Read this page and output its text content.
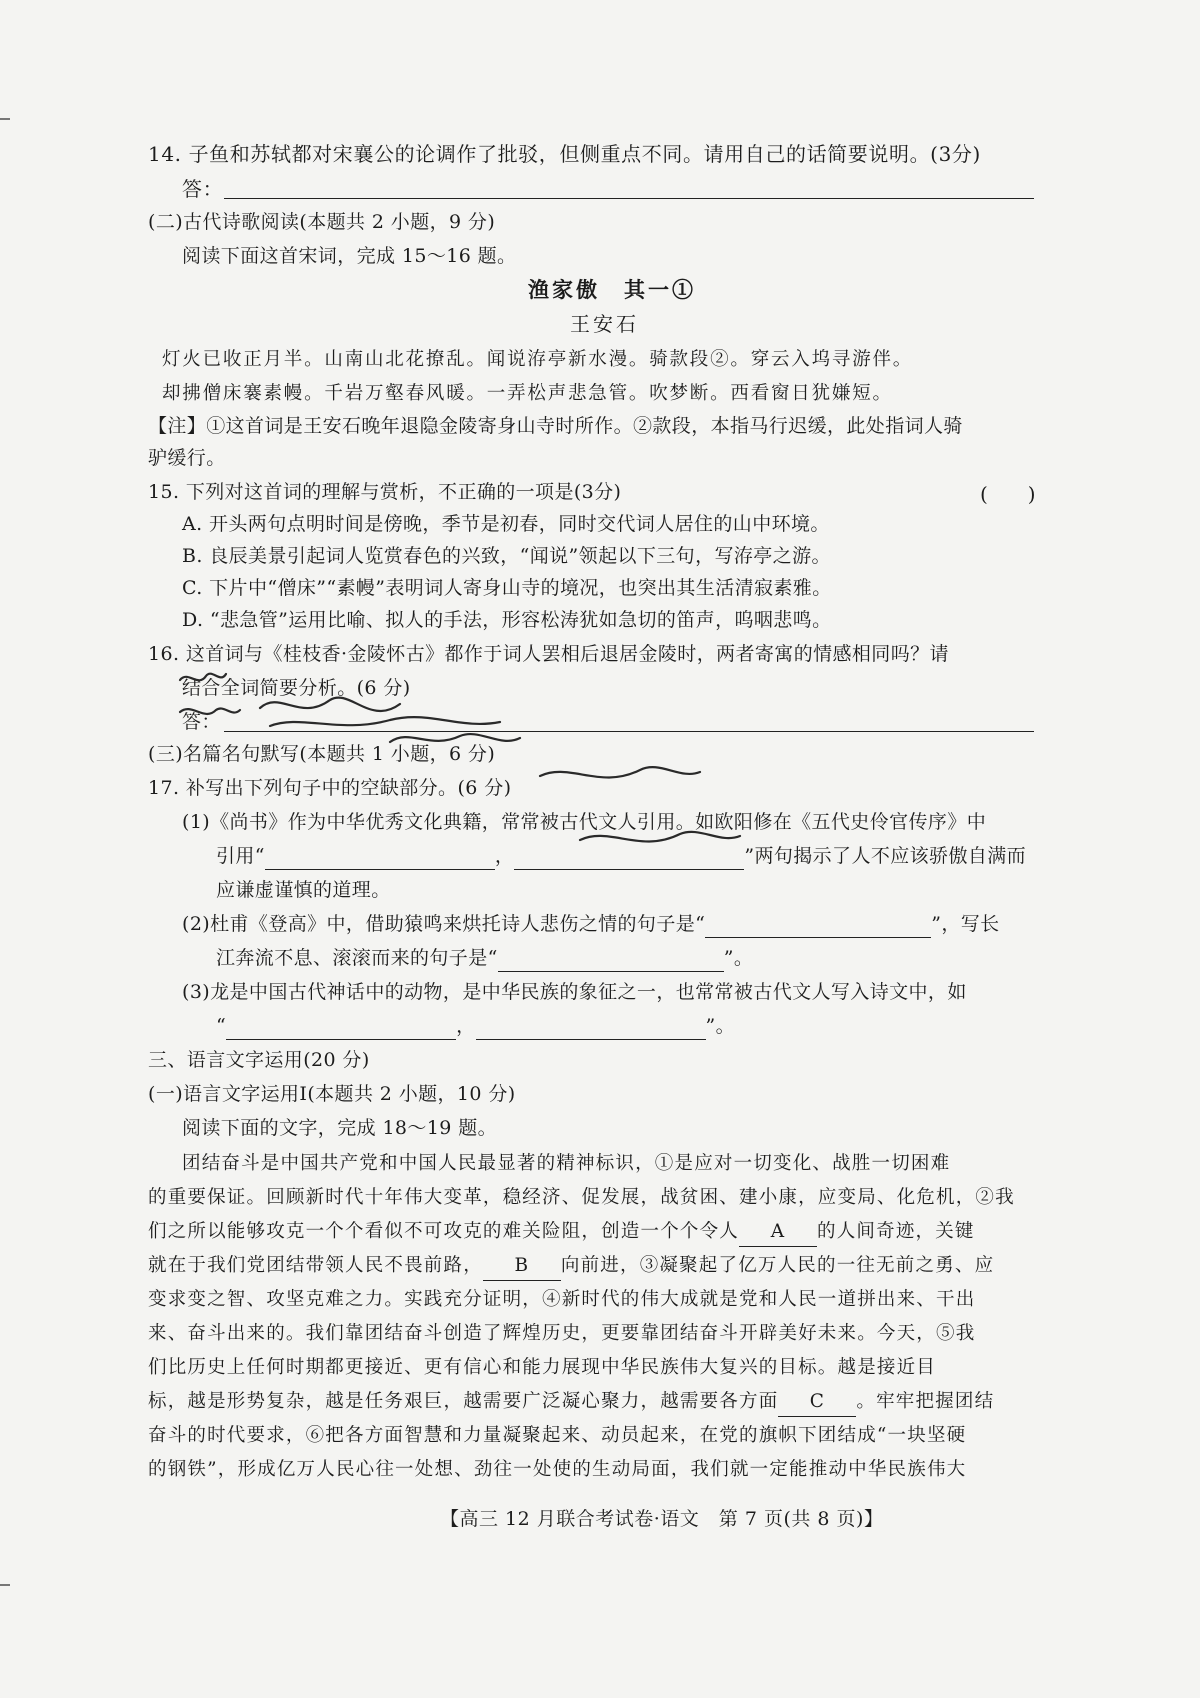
14. 子鱼和苏轼都对宋襄公的论调作了批驳，但侧重点不同。请用自己的话简要说明。(3分)
答：
(二)古代诗歌阅读(本题共 2 小题，9 分)
阅读下面这首宋词，完成 15～16 题。
渔家傲　其一①
王安石
灯火已收正月半。山南山北花撩乱。闻说洊亭新水漫。骑款段②。穿云入坞寻游伴。
却拂僧床褰素幔。千岩万壑春风暖。一弄松声悲急管。吹梦断。西看窗日犹嫌短。
【注】①这首词是王安石晚年退隐金陵寄身山寺时所作。②款段，本指马行迟缓，此处指词人骑
驴缓行。
15. 下列对这首词的理解与赏析，不正确的一项是(3分)	(　　)
A. 开头两句点明时间是傍晚，季节是初春，同时交代词人居住的山中环境。
B. 良辰美景引起词人览赏春色的兴致，“闻说”领起以下三句，写洊亭之游。
C. 下片中“僧床”“素幔”表明词人寄身山寺的境况，也突出其生活清寂素雅。
D. “悲急管”运用比喻、拟人的手法，形容松涛犹如急切的笛声，呜咽悲鸣。
16. 这首词与《桂枝香·金陵怀古》都作于词人罢相后退居金陵时，两者寄寓的情感相同吗？请
结合全词简要分析。(6 分)
答：
(三)名篇名句默写(本题共 1 小题，6 分)
17. 补写出下列句子中的空缺部分。(6 分)
(1)《尚书》作为中华优秀文化典籍，常常被古代文人引用。如欧阳修在《五代史伶官传序》中
引用“	，	”两句揭示了人不应该骄傲自满而
应谦虚谨慎的道理。
(2)杜甫《登高》中，借助猿鸣来烘托诗人悲伤之情的句子是“	”，写长
江奔流不息、滚滚而来的句子是“	”。
(3)龙是中国古代神话中的动物，是中华民族的象征之一，也常常被古代文人写入诗文中，如
“	，	”。
三、语言文字运用(20 分)
(一)语言文字运用Ⅰ(本题共 2 小题，10 分)
阅读下面的文字，完成 18～19 题。
团结奋斗是中国共产党和中国人民最显著的精神标识，①是应对一切变化、战胜一切困难
的重要保证。回顾新时代十年伟大变革，稳经济、促发展，战贫困、建小康，应变局、化危机，②我
们之所以能够攻克一个个看似不可攻克的难关险阻，创造一个个令人 A 的人间奇迹，关键
就在于我们党团结带领人民不畏前路， B 向前进，③凝聚起了亿万人民的一往无前之勇、应
变求变之智、攻坚克难之力。实践充分证明，④新时代的伟大成就是党和人民一道拼出来、干出
来、奋斗出来的。我们靠团结奋斗创造了辉煌历史，更要靠团结奋斗开辟美好未来。今天，⑤我
们比历史上任何时期都更接近、更有信心和能力展现中华民族伟大复兴的目标。越是接近目
标，越是形势复杂，越是任务艰巨，越需要广泛凝心聚力，越需要各方面 C 。牢牢把握团结
奋斗的时代要求，⑥把各方面智慧和力量凝聚起来、动员起来，在党的旗帜下团结成“一块坚硬
的钢铁”，形成亿万人民心往一处想、劲往一处使的生动局面，我们就一定能推动中华民族伟大
【高三 12 月联合考试卷·语文　第 7 页(共 8 页)】
